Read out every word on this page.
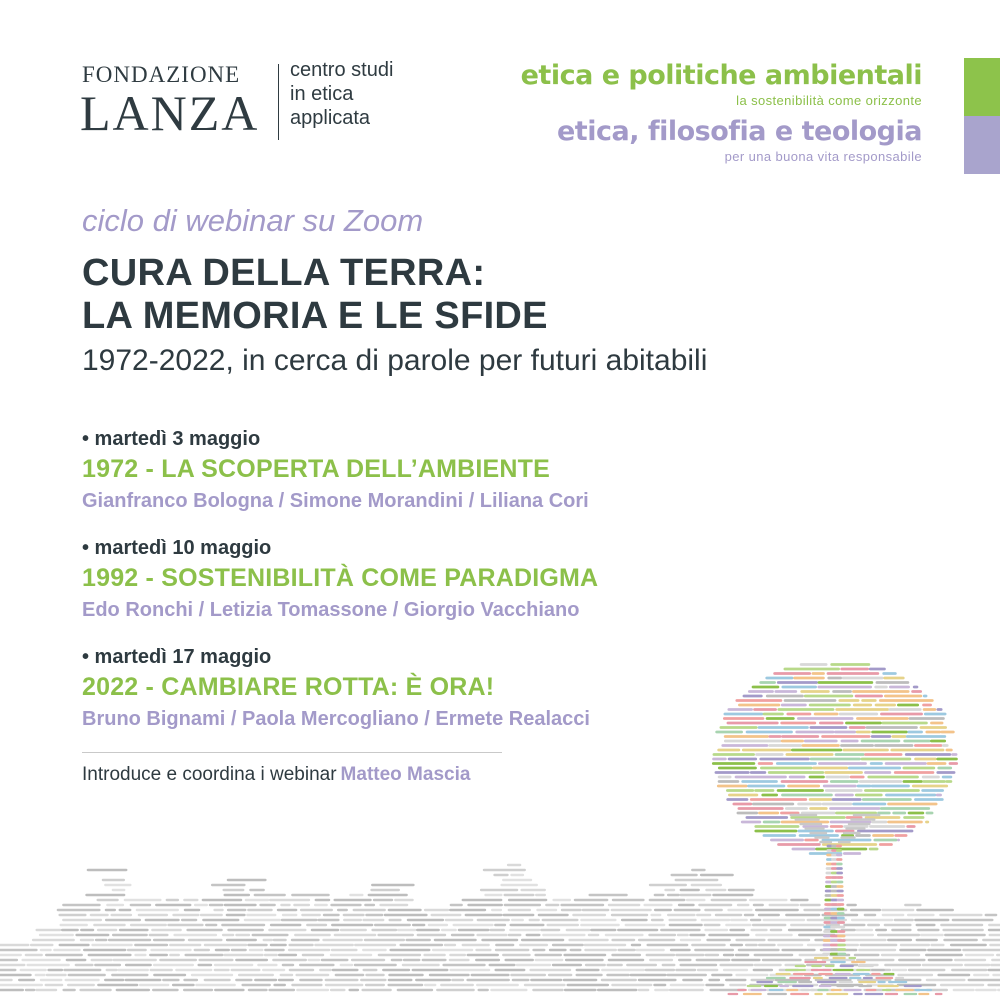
FONDAZIONE
LANZA
centro studi
in etica
applicata
etica e politiche ambientali
la sostenibilità come orizzonte
etica, filosofia e teologia
per una buona vita responsabile
ciclo di webinar su Zoom
CURA DELLA TERRA:
LA MEMORIA E LE SFIDE
1972-2022, in cerca di parole per futuri abitabili
• martedì 3 maggio
1972 - LA SCOPERTA DELL’AMBIENTE
Gianfranco Bologna / Simone Morandini / Liliana Cori
• martedì 10 maggio
1992 - SOSTENIBILITÀ COME PARADIGMA
Edo Ronchi / Letizia Tomassone / Giorgio Vacchiano
• martedì 17 maggio
2022 - CAMBIARE ROTTA: È ORA!
Bruno Bignami / Paola Mercogliano / Ermete Realacci
Introduce e coordina i webinar Matteo Mascia
